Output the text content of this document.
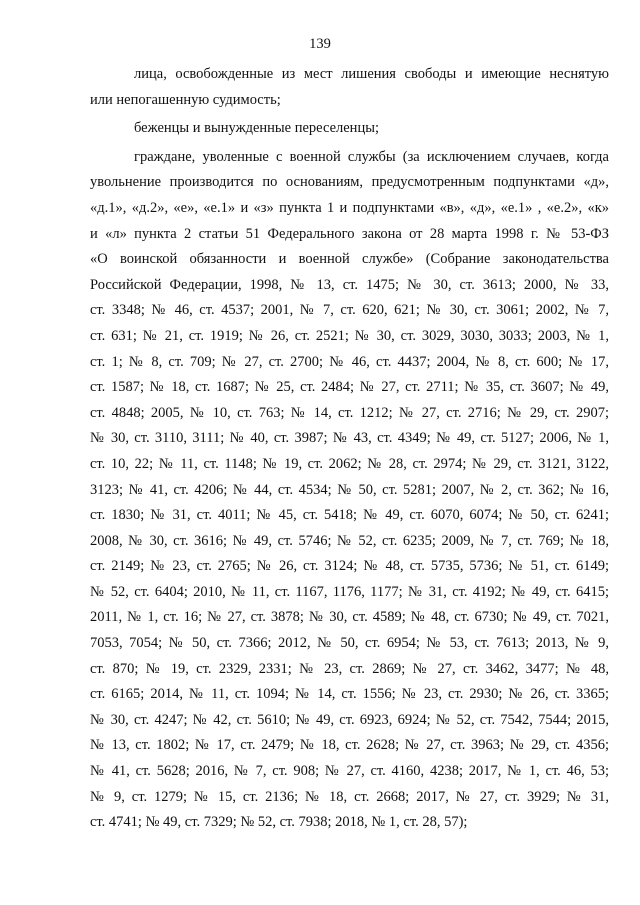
139
лица, освобожденные из мест лишения свободы и имеющие неснятую
или непогашенную судимость;
беженцы и вынужденные переселенцы;
граждане, уволенные с военной службы (за исключением случаев, когда
увольнение производится по основаниям, предусмотренным подпунктами «д»,
«д.1», «д.2», «е», «е.1» и «з» пункта 1 и подпунктами «в», «д», «е.1» , «е.2», «к»
и «л» пункта 2 статьи 51 Федерального закона от 28 марта 1998 г. № 53-ФЗ
«О воинской обязанности и военной службе» (Собрание законодательства
Российской Федерации, 1998, № 13, ст. 1475; № 30, ст. 3613; 2000, № 33,
ст. 3348; № 46, ст. 4537; 2001, № 7, ст. 620, 621; № 30, ст. 3061; 2002, № 7,
ст. 631; № 21, ст. 1919; № 26, ст. 2521; № 30, ст. 3029, 3030, 3033; 2003, № 1,
ст. 1; № 8, ст. 709; № 27, ст. 2700; № 46, ст. 4437; 2004, № 8, ст. 600; № 17,
ст. 1587; № 18, ст. 1687; № 25, ст. 2484; № 27, ст. 2711; № 35, ст. 3607; № 49,
ст. 4848; 2005, № 10, ст. 763; № 14, ст. 1212; № 27, ст. 2716; № 29, ст. 2907;
№ 30, ст. 3110, 3111; № 40, ст. 3987; № 43, ст. 4349; № 49, ст. 5127; 2006, № 1,
ст. 10, 22; № 11, ст. 1148; № 19, ст. 2062; № 28, ст. 2974; № 29, ст. 3121, 3122,
3123; № 41, ст. 4206; № 44, ст. 4534; № 50, ст. 5281; 2007, № 2, ст. 362; № 16,
ст. 1830; № 31, ст. 4011; № 45, ст. 5418; № 49, ст. 6070, 6074; № 50, ст. 6241;
2008, № 30, ст. 3616; № 49, ст. 5746; № 52, ст. 6235; 2009, № 7, ст. 769; № 18,
ст. 2149; № 23, ст. 2765; № 26, ст. 3124; № 48, ст. 5735, 5736; № 51, ст. 6149;
№ 52, ст. 6404; 2010, № 11, ст. 1167, 1176, 1177; № 31, ст. 4192; № 49, ст. 6415;
2011, № 1, ст. 16; № 27, ст. 3878; № 30, ст. 4589; № 48, ст. 6730; № 49, ст. 7021,
7053, 7054; № 50, ст. 7366; 2012, № 50, ст. 6954; № 53, ст. 7613; 2013, № 9,
ст. 870; № 19, ст. 2329, 2331; № 23, ст. 2869; № 27, ст. 3462, 3477; № 48,
ст. 6165; 2014, № 11, ст. 1094; № 14, ст. 1556; № 23, ст. 2930; № 26, ст. 3365;
№ 30, ст. 4247; № 42, ст. 5610; № 49, ст. 6923, 6924; № 52, ст. 7542, 7544; 2015,
№ 13, ст. 1802; № 17, ст. 2479; № 18, ст. 2628; № 27, ст. 3963; № 29, ст. 4356;
№ 41, ст. 5628; 2016, № 7, ст. 908; № 27, ст. 4160, 4238; 2017, № 1, ст. 46, 53;
№ 9, ст. 1279; № 15, ст. 2136; № 18, ст. 2668; 2017, № 27, ст. 3929; № 31,
ст. 4741; № 49, ст. 7329; № 52, ст. 7938; 2018, № 1, ст. 28, 57);
